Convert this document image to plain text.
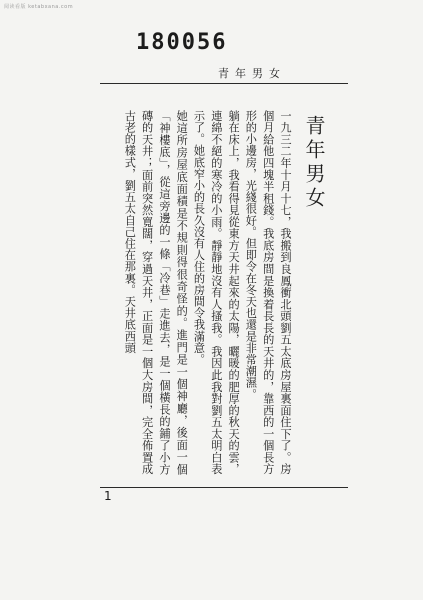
阅读看版 ketabxana.com
180056
青年男女
青年男女

一九三二年十月十七，我搬到良鳳衝北頭劉五太底房屋裏面住下了。房個月給他四塊半租錢。我底房間是換着長長的天井的，靠西的一個長方形的小邊房，光綫很好。但即令在冬天也還是非常潮濕。

躺在床上，我看得見從東方天井起來的太陽，曬暖的肥厚的秋天的雲，連綿不絕的寒冷的小雨。靜靜地沒有人搔我。我因此我對劉五太明白表示了。她底窄小的長久沒有人住的房間令我滿意。

她這所房屋底面積是不規則得很奇怪的。進門是一個神廳，後面一個「神樓底」，從這旁邊的一條「冷巷」走進去，是一個橫長的鋪了小方磚的天井；面前突然寬闊，穿過天井，正面是一個大房間，完全佈置成古老的樣式，劉五太自己住在那裏。天井底西頭

1
